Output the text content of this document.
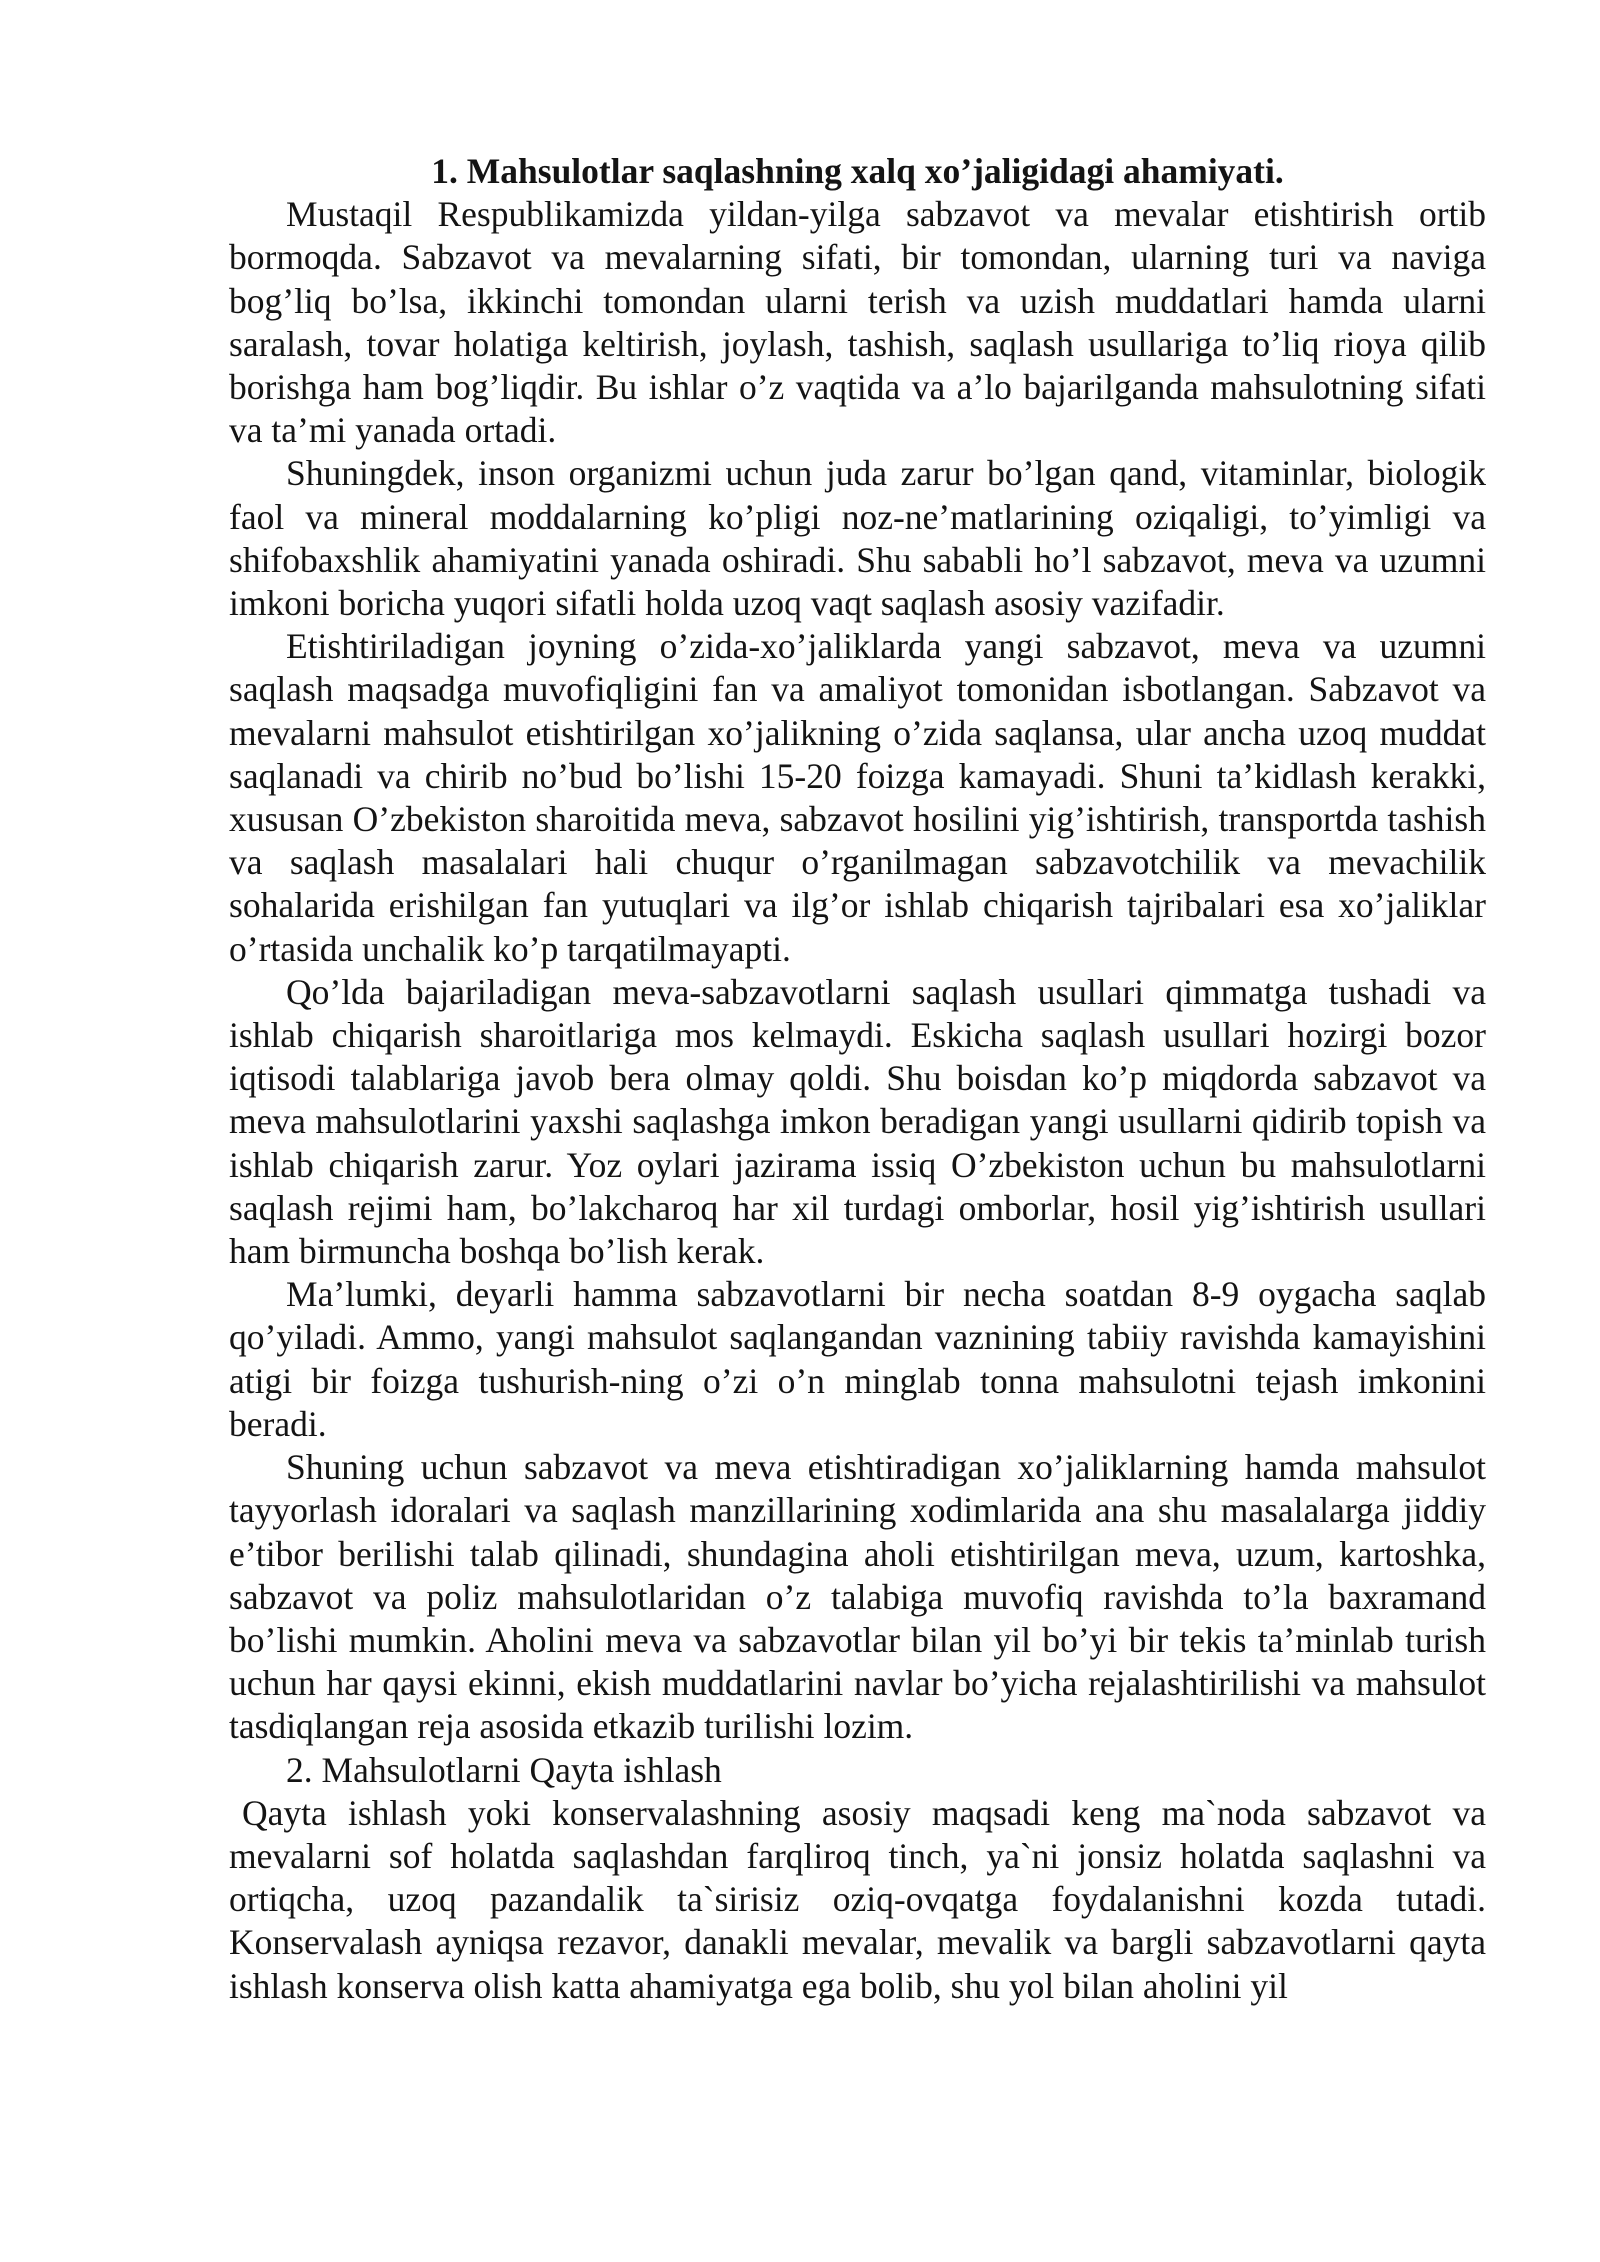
1. Mahsulotlar saqlashning xalq xo’jaligidagi ahamiyati.

Mustaqil Respublikamizda yildan-yilga sabzavot va mevalar etishtirish ortib bormoqda. Sabzavot va mevalarning sifati, bir tomondan, ularning turi va naviga bog’liq bo’lsa, ikkinchi tomondan ularni terish va uzish muddatlari hamda ularni saralash, tovar holatiga keltirish, joylash, tashish, saqlash usullariga to’liq rioya qilib borishga ham bog’liqdir. Bu ishlar o’z vaqtida va a’lo bajarilganda mahsulotning sifati va ta’mi yanada ortadi.

Shuningdek, inson organizmi uchun juda zarur bo’lgan qand, vitaminlar, biologik faol va mineral moddalarning ko’pligi noz-ne’matlarining oziqaligi, to’yimligi va shifobaxshlik ahamiyatini yanada oshiradi. Shu sababli ho’l sabzavot, meva va uzumni imkoni boricha yuqori sifatli holda uzoq vaqt saqlash asosiy vazifadir.

Etishtiriladigan joyning o’zida-xo’jaliklarda yangi sabzavot, meva va uzumni saqlash maqsadga muvofiqligini fan va amaliyot tomonidan isbotlangan. Sabzavot va mevalarni mahsulot etishtirilgan xo’jalikning o’zida saqlansa, ular ancha uzoq muddat saqlanadi va chirib no’bud bo’lishi 15-20 foizga kamayadi. Shuni ta’kidlash kerakki, xususan O’zbekiston sharoitida meva, sabzavot hosilini yig’ishtirish, transportda tashish va saqlash masalalari hali chuqur o’rganilmagan sabzavotchilik va mevachilik sohalarida erishilgan fan yutuqlari va ilg’or ishlab chiqarish tajribalari esa xo’jaliklar o’rtasida unchalik ko’p tarqatilmayapti.

Qo’lda bajariladigan meva-sabzavotlarni saqlash usullari qimmatga tushadi va ishlab chiqarish sharoitlariga mos kelmaydi. Eskicha saqlash usullari hozirgi bozor iqtisodi talablariga javob bera olmay qoldi. Shu boisdan ko’p miqdorda sabzavot va meva mahsulotlarini yaxshi saqlashga imkon beradigan yangi usullarni qidirib topish va ishlab chiqarish zarur. Yoz oylari jazirama issiq O’zbekiston uchun bu mahsulotlarni saqlash rejimi ham, bo’lakcharoq har xil turdagi omborlar, hosil yig’ishtirish usullari ham birmuncha boshqa bo’lish kerak.

Ma’lumki, deyarli hamma sabzavotlarni bir necha soatdan 8-9 oygacha saqlab qo’yiladi. Ammo, yangi mahsulot saqlangandan vaznining tabiiy ravishda kamayishini atigi bir foizga tushurish-ning o’zi o’n minglab tonna mahsulotni tejash imkonini beradi.

Shuning uchun sabzavot va meva etishtiradigan xo’jaliklarning hamda mahsulot tayyorlash idoralari va saqlash manzillarining xodimlarida ana shu masalalarga jiddiy e’tibor berilishi talab qilinadi, shundagina aholi etishtirilgan meva, uzum, kartoshka, sabzavot va poliz mahsulotlaridan o’z talabiga muvofiq ravishda to’la baxramand bo’lishi mumkin. Aholini meva va sabzavotlar bilan yil bo’yi bir tekis ta’minlab turish uchun har qaysi ekinni, ekish muddatlarini navlar bo’yicha rejalashtirilishi va mahsulot tasdiqlangan reja asosida etkazib turilishi lozim.

2. Mahsulotlarni Qayta ishlash

Qayta ishlash yoki konservalashning asosiy maqsadi keng ma`noda sabzavot va mevalarni sof holatda saqlashdan farqliroq tinch, ya`ni jonsiz holatda saqlashni va ortiqcha, uzoq pazandalik ta`sirisiz oziq-ovqatga foydalanishni kozda tutadi. Konservalash ayniqsa rezavor, danakli mevalar, mevalik va bargli sabzavotlarni qayta ishlash konserva olish katta ahamiyatga ega bolib, shu yol bilan aholini yil
